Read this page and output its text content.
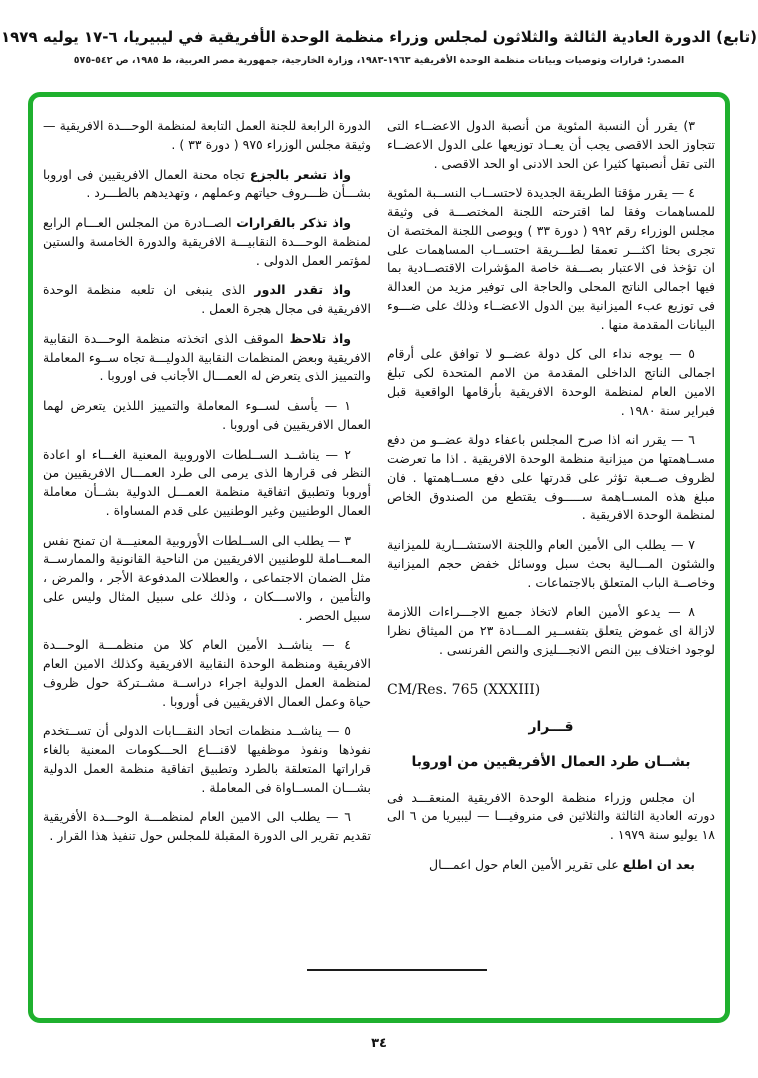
(تابع) الدورة العادية الثالثة والثلاثون لمجلس وزراء منظمة الوحدة الأفريقية في ليبيريا، ٦-١٧ يوليه ١٩٧٩
المصدر: قرارات وتوصيات وبيانات منظمة الوحدة الأفريقية ١٩٦٣-١٩٨٣، وزارة الخارجية، جمهورية مصر العربية، ط ١٩٨٥، ص ٥٤٢-٥٧٥

٣) يقرر أن النسبة المئوية من أنصبة الدول الاعضــاء التى تتجاوز الحد الاقصى يجب أن يعــاد توزيعها على الدول الاعضــاء التى تقل أنصبتها كثيرا عن الحد الادنى او الحد الاقصى .

٤ — يقرر مؤقتا الطريقة الجديدة لاحتســاب النســبة المئوية للمساهمات وفقا لما اقترحته اللجنة المختصـــة فى وثيقة مجلس الوزراء رقم ٩٩٢ ( دورة ٣٣ ) ويوصى اللجنة المختصة ان تجرى بحثا اكثـــر تعمقا لطـــريقة احتســاب المساهمات على ان تؤخذ فى الاعتبار بصـــفة خاصة المؤشرات الاقتصــادية بما فيها اجمالى الناتج المحلى والحاجة الى توفير مزيد من العدالة فى توزيع عبء الميزانية بين الدول الاعضــاء وذلك على ضـــوء البيانات المقدمة منها .

٥ — يوجه نداء الى كل دولة عضــو لا توافق على أرقام اجمالى الناتج الداخلى المقدمة من الامم المتحدة لكى تبلغ الامين العام لمنظمة الوحدة الافريقية بأرقامها الواقعية قبل فبراير سنة ١٩٨٠ .

٦ — يقرر انه اذا صرح المجلس باعفاء دولة عضــو من دفع مســاهمتها من ميزانية منظمة الوحدة الافريقية . اذا ما تعرضت لظروف صــعبة تؤثر على قدرتها على دفع مســاهمتها . فان مبلغ هذه المســاهمة ســـــوف يقتطع من الصندوق الخاص لمنظمة الوحدة الافريقية .

٧ — يطلب الى الأمين العام واللجنة الاستشـــارية للميزانية والشئون المـــالية بحث سبل ووسائل خفض حجم الميزانية وخاصــة الباب المتعلق بالاجتماعات .

٨ — يدعو الأمين العام لاتخاذ جميع الاجـــراءات اللازمة لازالة اى غموض يتعلق بتفســير المـــادة ٢٣ من الميثاق نظرا لوجود اختلاف بين النص الانجـــليزى والنص الفرنسى .

CM/Res. 765 (XXXIII)

قـــرار

بشــان طرد العمال الأفريقيين من اوروبا

ان مجلس وزراء منظمة الوحدة الافريقية المنعقـــد فى دورته العادية الثالثة والثلاثين فى منروفيـــا — ليبيريا من ٦ الى ١٨ يوليو سنة ١٩٧٩ .

بعد ان اطلع على تقرير الأمين العام حول اعمـــال

الدورة الرابعة للجنة العمل التابعة لمنظمة الوحـــدة الافريقية — وثيقة مجلس الوزراء ٩٧٥ ( دورة ٣٣ ) .

واذ تشعر بالجزع تجاه محنة العمال الافريقيين فى اوروبا بشـــأن ظـــروف حياتهم وعملهم ، وتهديدهم بالطـــرد .

واذ تذكر بالقرارات الصــادرة من المجلس العـــام الرابع لمنظمة الوحـــدة النقابيـــة الافريقية والدورة الخامسة والستين لمؤتمر العمل الدولى .

واذ تقدر الدور الذى ينبغى ان تلعبه منظمة الوحدة الافريقية فى مجال هجرة العمل .

واذ تلاحظ الموقف الذى اتخذته منظمة الوحـــدة النقابية الافريقية وبعض المنظمات النقابية الدوليـــة تجاه ســوء المعاملة والتمييز الذى يتعرض له العمـــال الأجانب فى اوروبا .

١ — يأسف لســوء المعاملة والتمييز اللذين يتعرض لهما العمال الافريقيين فى اوروبا .

٢ — يناشــد الســلطات الاوروبية المعنية الغـــاء او اعادة النظر فى قرارها الذى يرمى الى طرد العمـــال الافريقيين من أوروبا وتطبيق اتفاقية منظمة العمـــل الدولية بشــأن معاملة العمال الوطنيين وغير الوطنيين على قدم المساواة .

٣ — يطلب الى الســلطات الأوروبية المعنيـــة ان تمنح نفس المعـــاملة للوطنيين الافريقيين من الناحية القانونية والممارســة مثل الضمان الاجتماعى ، والعطلات المدفوعة الأجر ، والمرض ، والتأمين ، والاســـكان ، وذلك على سبيل المثال وليس على سبيل الحصر .

٤ — يناشــد الأمين العام كلا من منظمـــة الوحـــدة الافريقية ومنظمة الوحدة النقابية الافريقية وكذلك الامين العام لمنظمة العمل الدولية اجراء دراســة مشــتركة حول ظروف حياة وعمل العمال الافريقيين فى أوروبا .

٥ — يناشــد منظمات اتحاد النقـــابات الدولى أن تســتخدم نفوذها ونفوذ موظفيها لاقنـــاع الحـــكومات المعنية بالغاء قراراتها المتعلقة بالطرد وتطبيق اتفاقية منظمة العمل الدولية بشـــان المســاواة فى المعاملة .

٦ — يطلب الى الامين العام لمنظمـــة الوحـــدة الأفريقية تقديم تقرير الى الدورة المقبلة للمجلس حول تنفيذ هذا القرار .

٣٤
